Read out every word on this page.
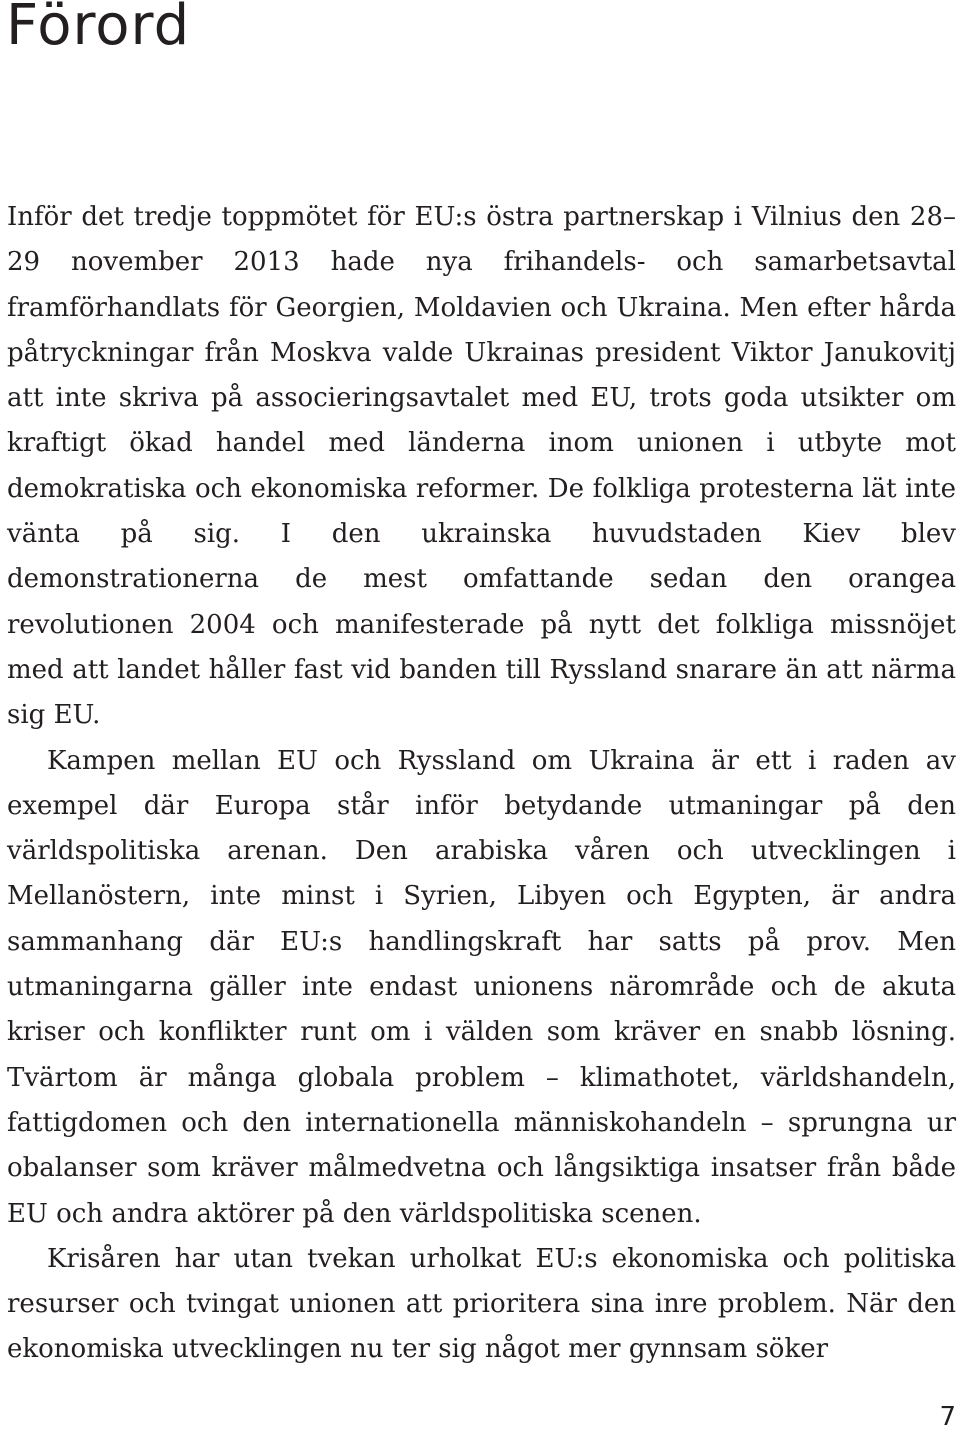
Förord

Inför det tredje toppmötet för EU:s östra partnerskap i Vilnius den 28–29 november 2013 hade nya frihandels- och samarbetsavtal framförhandlats för Georgien, Moldavien och Ukraina. Men efter hårda påtryckningar från Moskva valde Ukrainas president Viktor Janukovitj att inte skriva på associeringsavtalet med EU, trots goda utsikter om kraftigt ökad handel med länderna inom unionen i utbyte mot demokratiska och ekonomiska reformer. De folkliga protesterna lät inte vänta på sig. I den ukrainska huvudstaden Kiev blev demonstrationerna de mest omfattande sedan den orangea revolutionen 2004 och manifesterade på nytt det folkliga missnöjet med att landet håller fast vid banden till Ryssland snarare än att närma sig EU.

Kampen mellan EU och Ryssland om Ukraina är ett i raden av exempel där Europa står inför betydande utmaningar på den världspolitiska arenan. Den arabiska våren och utvecklingen i Mellanöstern, inte minst i Syrien, Libyen och Egypten, är andra sammanhang där EU:s handlingskraft har satts på prov. Men utmaningarna gäller inte endast unionens närområde och de akuta kriser och konflikter runt om i välden som kräver en snabb lösning. Tvärtom är många globala problem – klimathotet, världshandeln, fattigdomen och den internationella människohandeln – sprungna ur obalanser som kräver målmedvetna och långsiktiga insatser från både EU och andra aktörer på den världspolitiska scenen.

Krisåren har utan tvekan urholkat EU:s ekonomiska och politiska resurser och tvingat unionen att prioritera sina inre problem. När den ekonomiska utvecklingen nu ter sig något mer gynnsam söker

7
